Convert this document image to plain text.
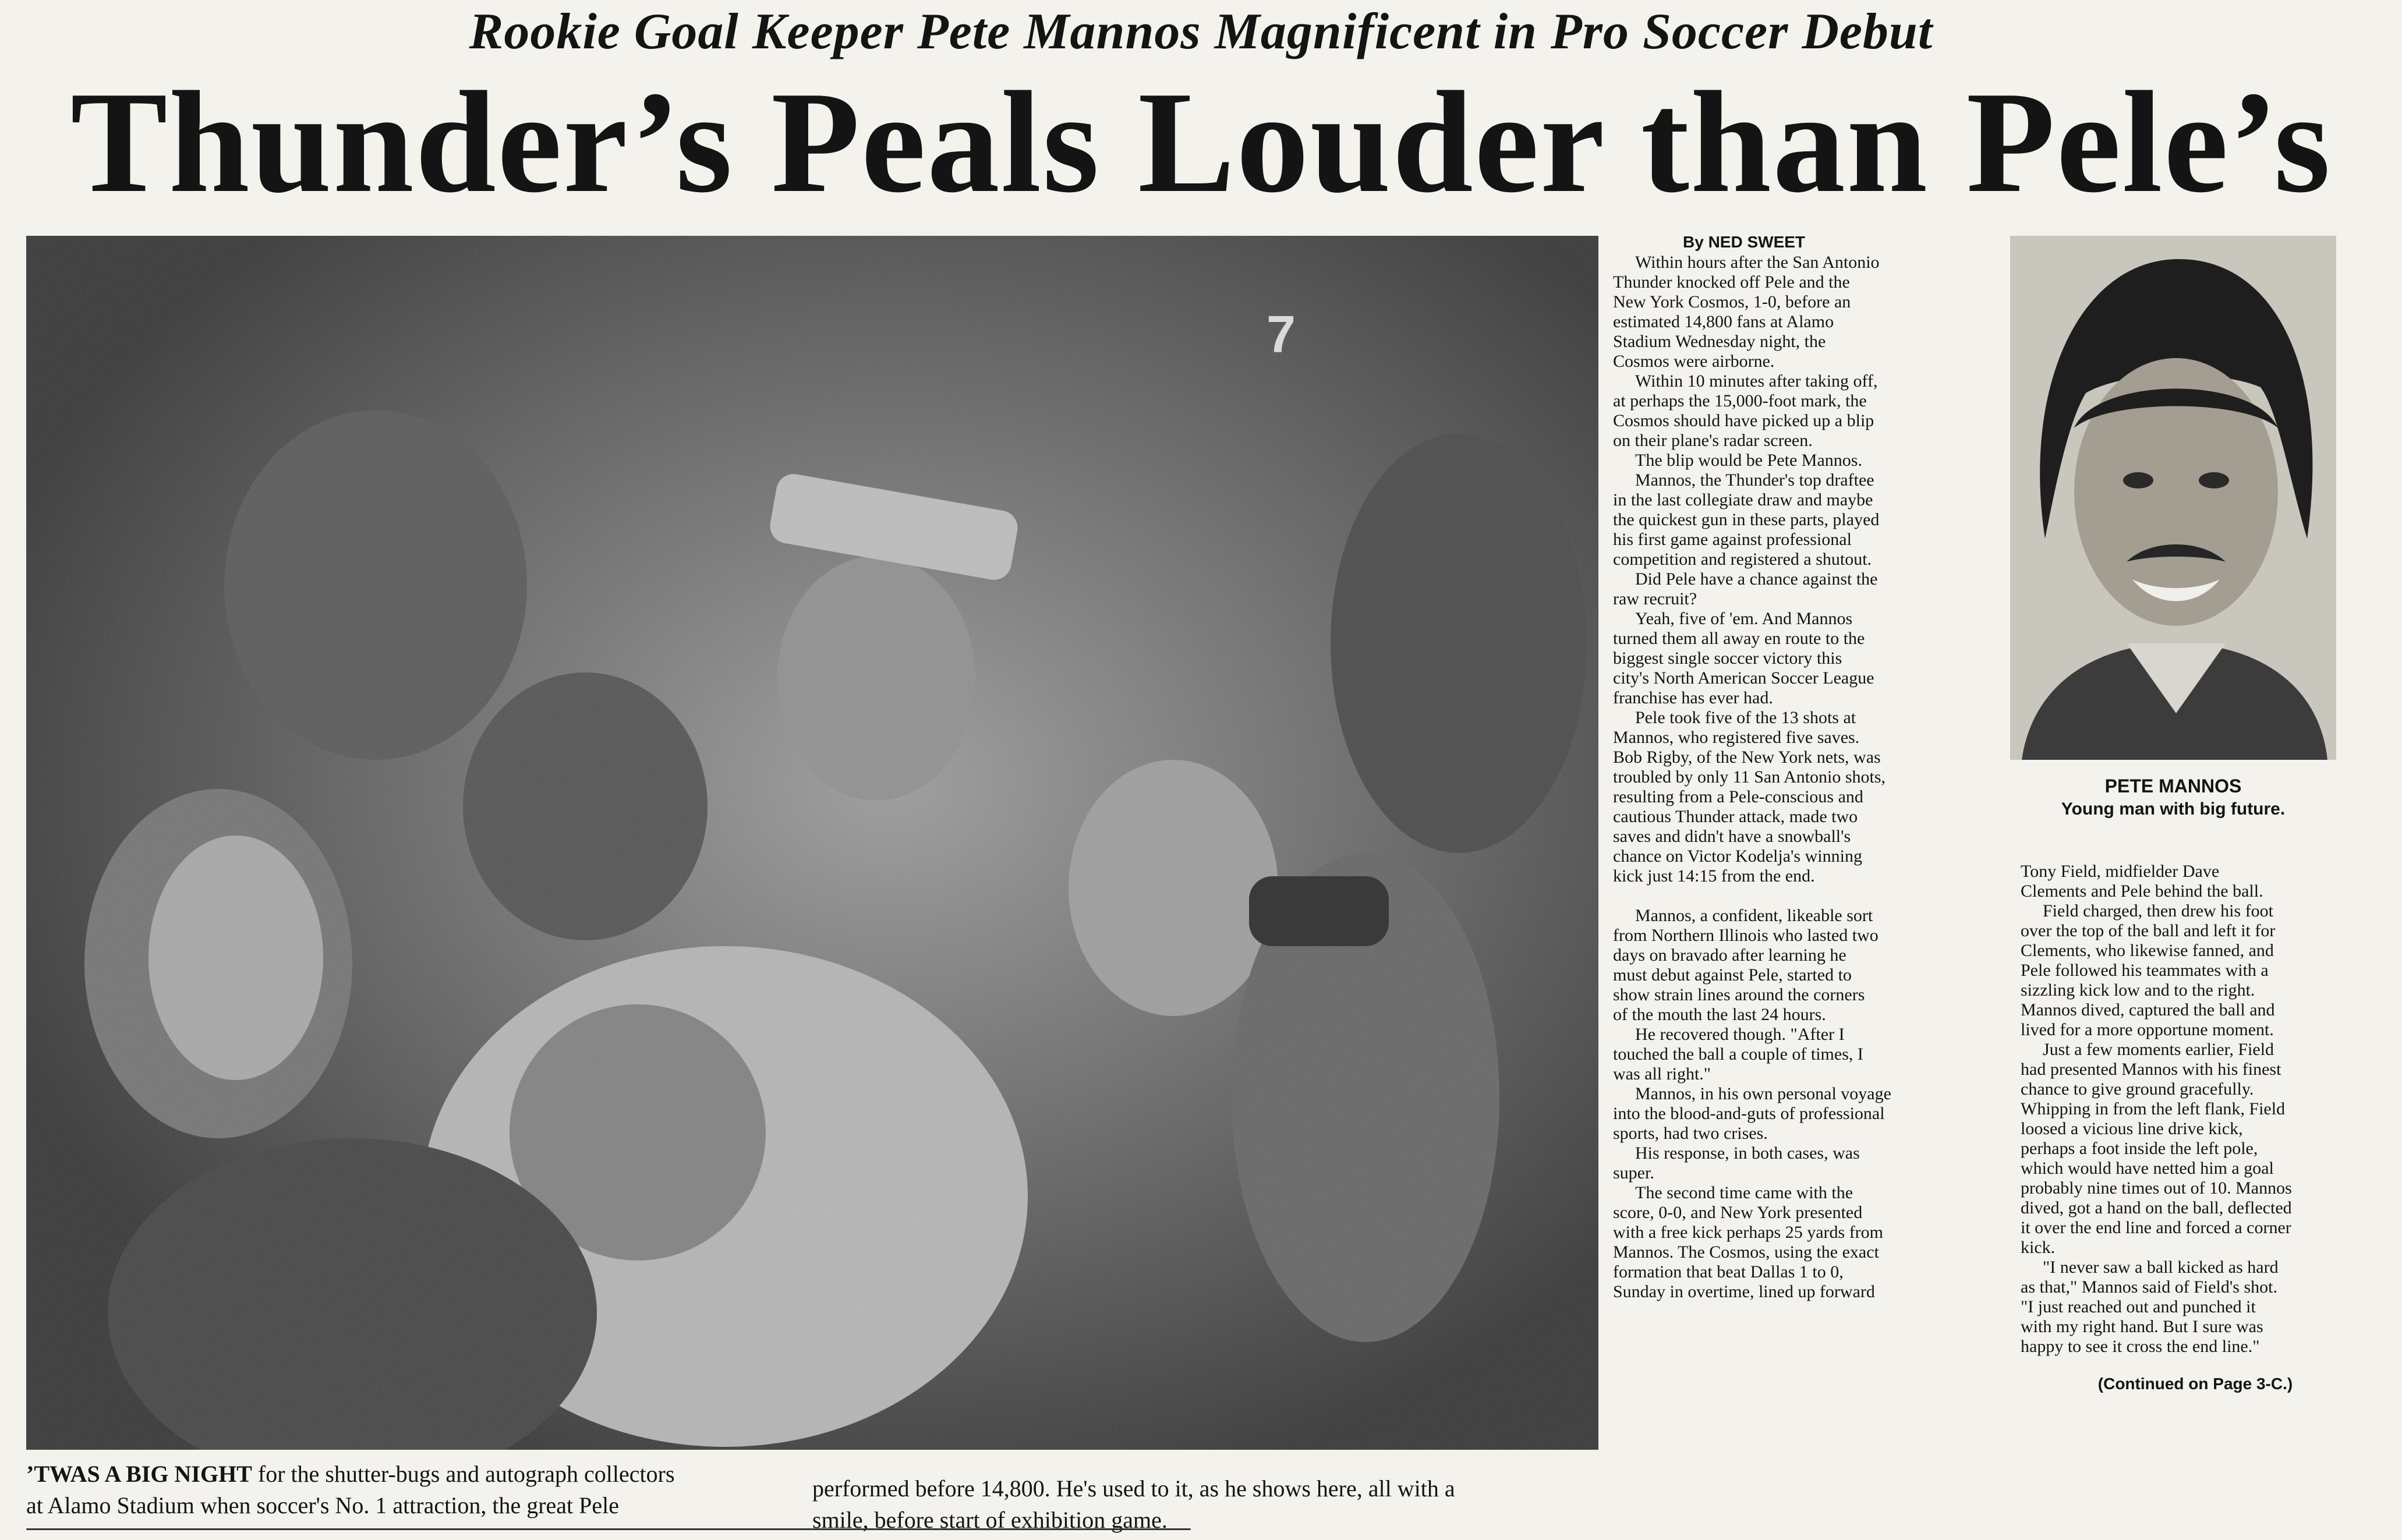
Rookie Goal Keeper Pete Mannos Magnificent in Pro Soccer Debut
Thunder’s Peals Louder than Pele’s
’TWAS A BIG NIGHT for the shutter-bugs and autograph collectors
at Alamo Stadium when soccer's No. 1 attraction, the great Pele
performed before 14,800. He's used to it, as he shows here, all with a
smile, before start of exhibition game.
PETE MANNOS
Young man with big future.
By NED SWEET

Within hours after the San Antonio

Thunder knocked off Pele and the

New York Cosmos, 1-0, before an

estimated 14,800 fans at Alamo

Stadium Wednesday night, the

Cosmos were airborne.

Within 10 minutes after taking off,

at perhaps the 15,000-foot mark, the

Cosmos should have picked up a blip

on their plane's radar screen.

The blip would be Pete Mannos.

Mannos, the Thunder's top draftee

in the last collegiate draw and maybe

the quickest gun in these parts, played

his first game against professional

competition and registered a shutout.

Did Pele have a chance against the

raw recruit?

Yeah, five of 'em. And Mannos

turned them all away en route to the

biggest single soccer victory this

city's North American Soccer League

franchise has ever had.

Pele took five of the 13 shots at

Mannos, who registered five saves.

Bob Rigby, of the New York nets, was

troubled by only 11 San Antonio shots,

resulting from a Pele-conscious and

cautious Thunder attack, made two

saves and didn't have a snowball's

chance on Victor Kodelja's winning

kick just 14:15 from the end.

Mannos, a confident, likeable sort

from Northern Illinois who lasted two

days on bravado after learning he

must debut against Pele, started to

show strain lines around the corners

of the mouth the last 24 hours.

He recovered though. "After I

touched the ball a couple of times, I

was all right."

Mannos, in his own personal voyage

into the blood-and-guts of professional

sports, had two crises.

His response, in both cases, was

super.

The second time came with the

score, 0-0, and New York presented

with a free kick perhaps 25 yards from

Mannos. The Cosmos, using the exact

formation that beat Dallas 1 to 0,

Sunday in overtime, lined up forward

Tony Field, midfielder Dave

Clements and Pele behind the ball.

Field charged, then drew his foot

over the top of the ball and left it for

Clements, who likewise fanned, and

Pele followed his teammates with a

sizzling kick low and to the right.

Mannos dived, captured the ball and

lived for a more opportune moment.

Just a few moments earlier, Field

had presented Mannos with his finest

chance to give ground gracefully.

Whipping in from the left flank, Field

loosed a vicious line drive kick,

perhaps a foot inside the left pole,

which would have netted him a goal

probably nine times out of 10. Mannos

dived, got a hand on the ball, deflected

it over the end line and forced a corner

kick.

"I never saw a ball kicked as hard

as that," Mannos said of Field's shot.

"I just reached out and punched it

with my right hand. But I sure was

happy to see it cross the end line."

(Continued on Page 3-C.)
